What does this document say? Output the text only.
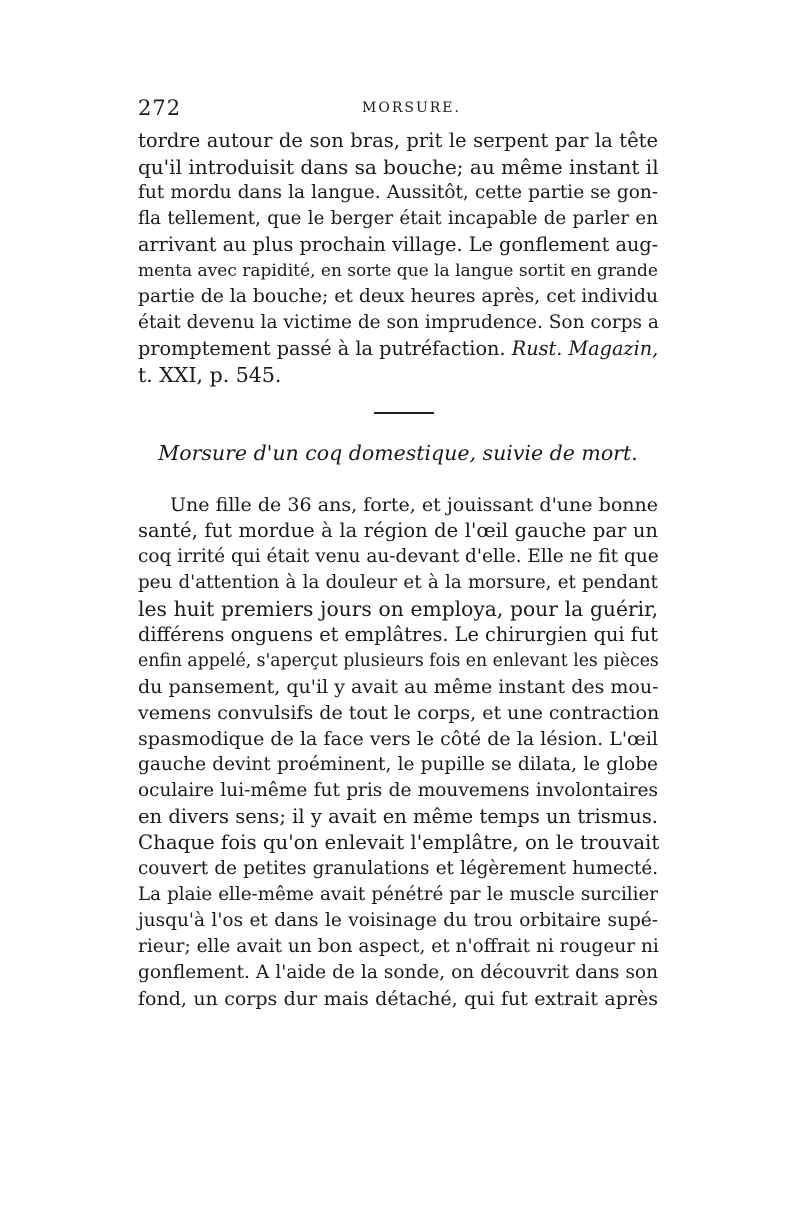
272	MORSURE.
tordre autour de son bras, prit le serpent par la tête
qu'il introduisit dans sa bouche; au même instant il
fut mordu dans la langue. Aussitôt, cette partie se gon-
fla tellement, que le berger était incapable de parler en
arrivant au plus prochain village. Le gonflement aug-
menta avec rapidité, en sorte que la langue sortit en grande
partie de la bouche; et deux heures après, cet individu
était devenu la victime de son imprudence. Son corps a
promptement passé à la putréfaction. Rust. Magazin,
t. XXI, p. 545.
Morsure d'un coq domestique, suivie de mort.
Une fille de 36 ans, forte, et jouissant d'une bonne
santé, fut mordue à la région de l'œil gauche par un
coq irrité qui était venu au-devant d'elle. Elle ne fit que
peu d'attention à la douleur et à la morsure, et pendant
les huit premiers jours on employa, pour la guérir,
différens onguens et emplâtres. Le chirurgien qui fut
enfin appelé, s'aperçut plusieurs fois en enlevant les pièces
du pansement, qu'il y avait au même instant des mou-
vemens convulsifs de tout le corps, et une contraction
spasmodique de la face vers le côté de la lésion. L'œil
gauche devint proéminent, le pupille se dilata, le globe
oculaire lui-même fut pris de mouvemens involontaires
en divers sens; il y avait en même temps un trismus.
Chaque fois qu'on enlevait l'emplâtre, on le trouvait
couvert de petites granulations et légèrement humecté.
La plaie elle-même avait pénétré par le muscle surcilier
jusqu'à l'os et dans le voisinage du trou orbitaire supé-
rieur; elle avait un bon aspect, et n'offrait ni rougeur ni
gonflement. A l'aide de la sonde, on découvrit dans son
fond, un corps dur mais détaché, qui fut extrait après
